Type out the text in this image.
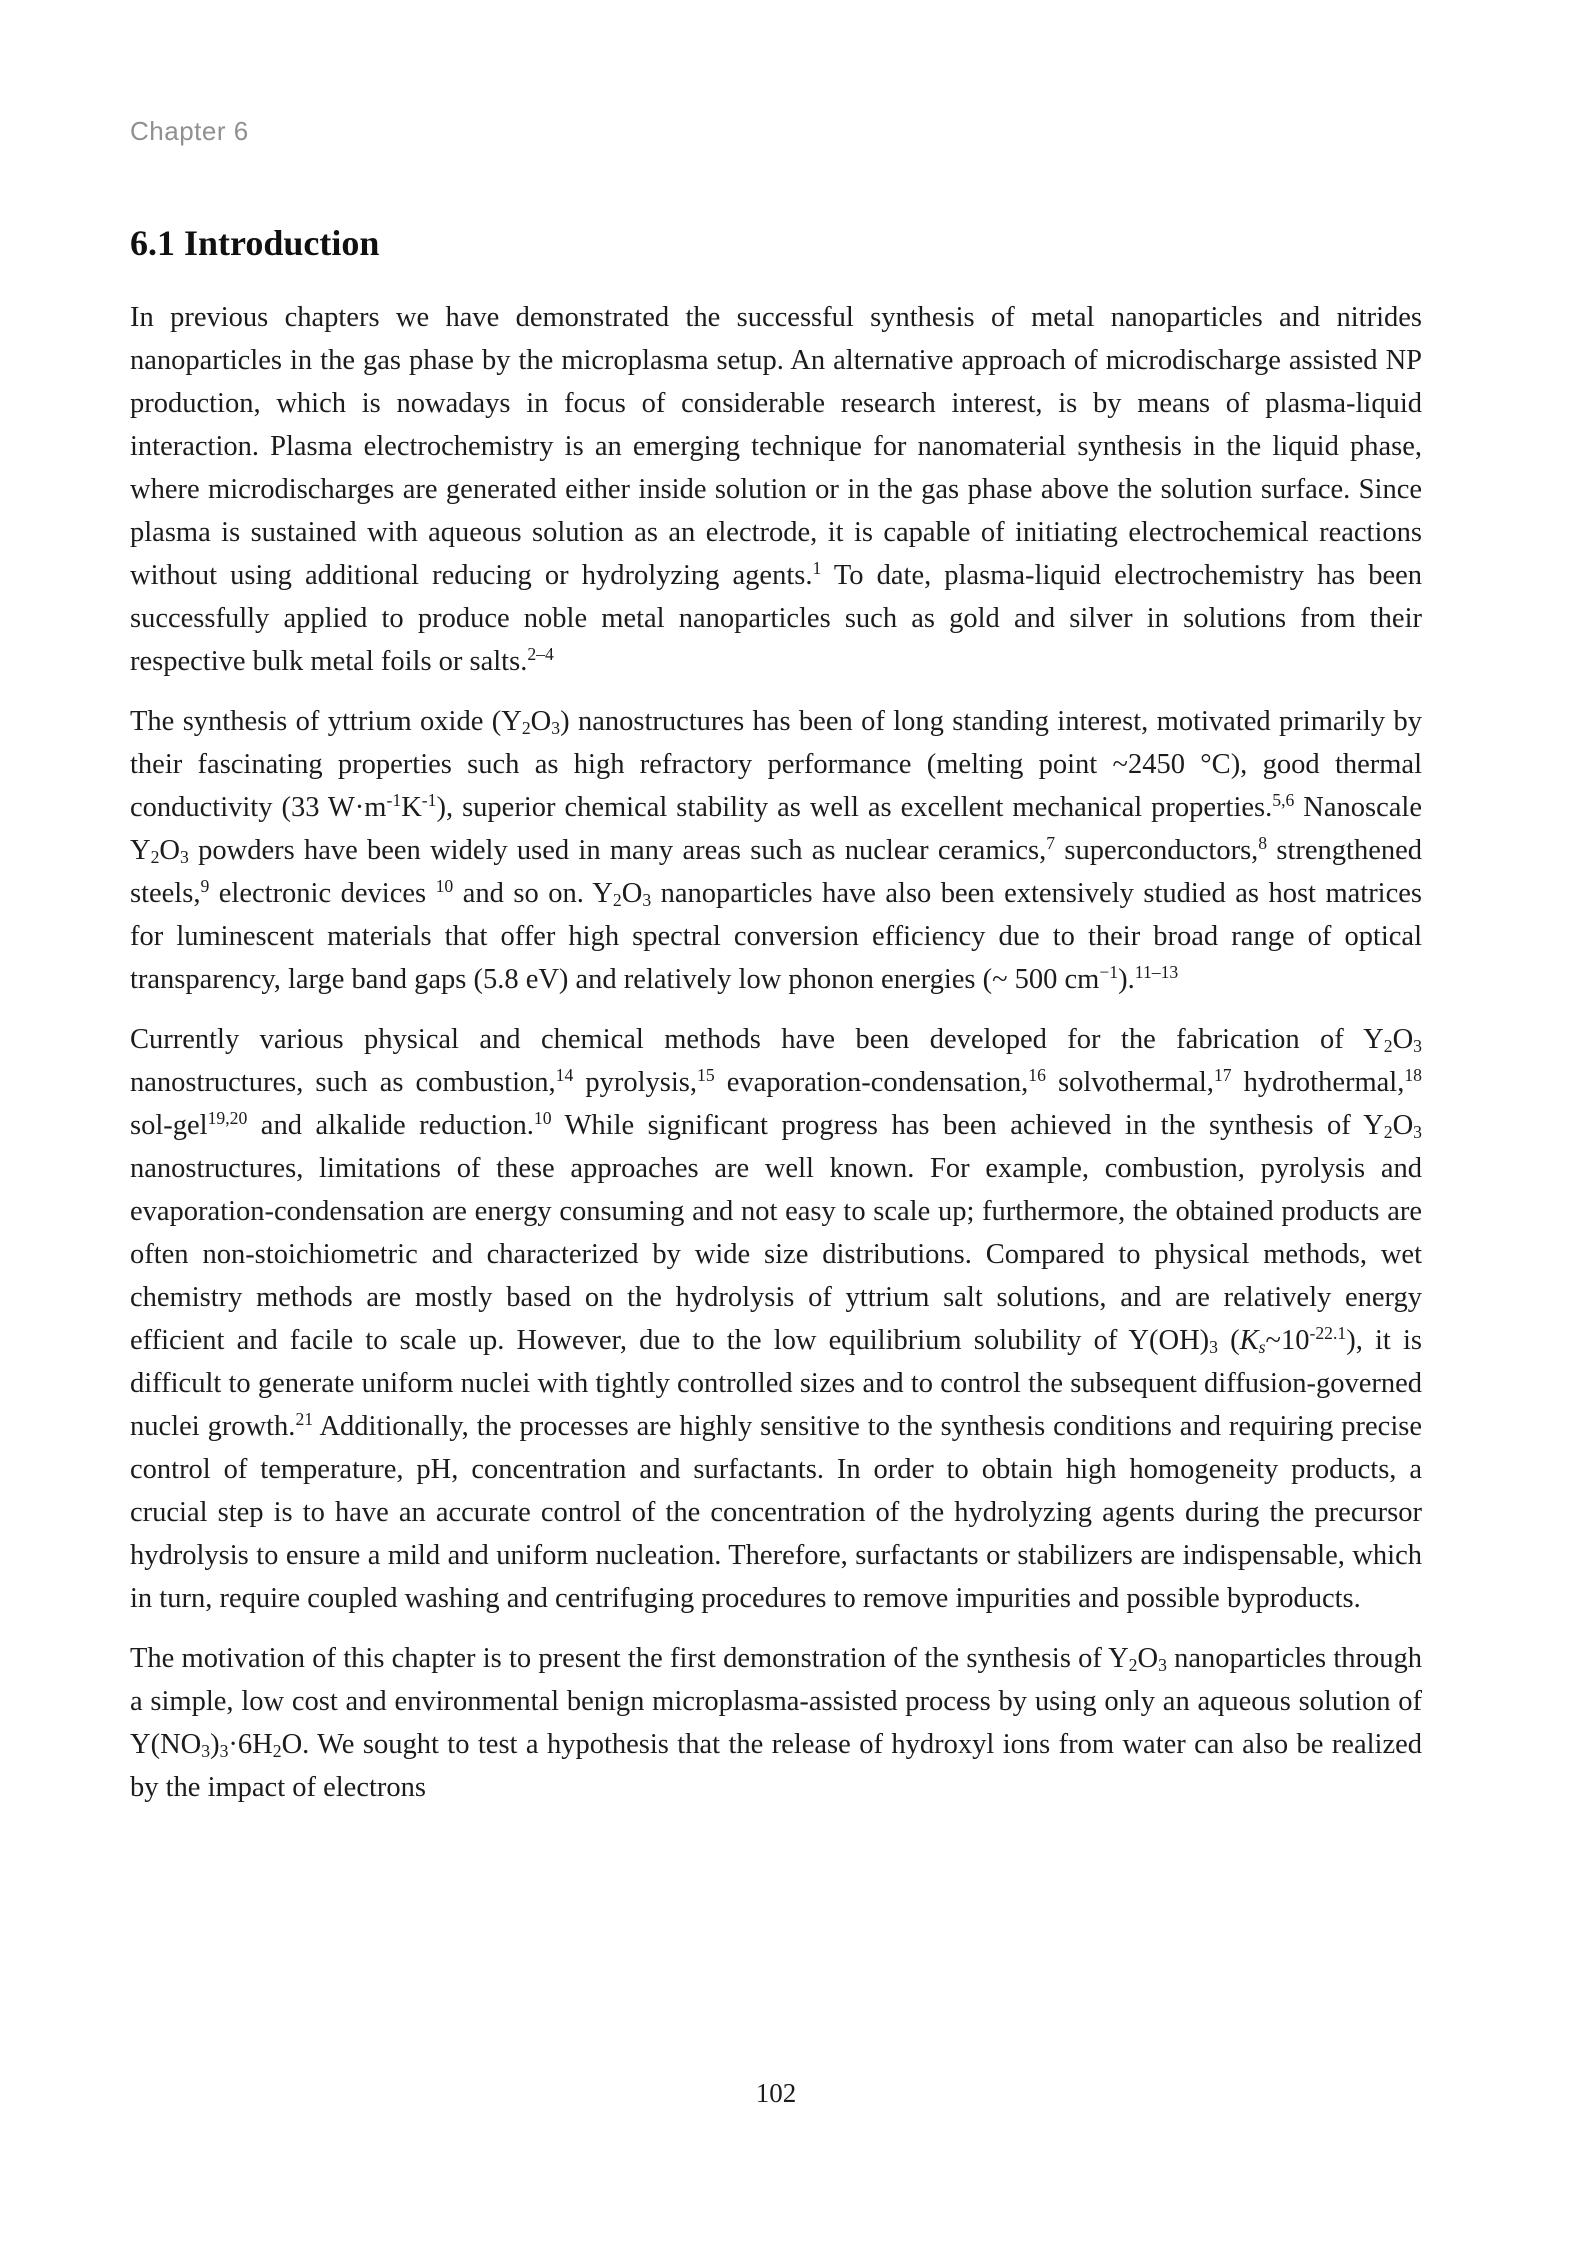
Chapter 6
6.1 Introduction

In previous chapters we have demonstrated the successful synthesis of metal nanoparticles and nitrides nanoparticles in the gas phase by the microplasma setup. An alternative approach of microdischarge assisted NP production, which is nowadays in focus of considerable research interest, is by means of plasma-liquid interaction. Plasma electrochemistry is an emerging technique for nanomaterial synthesis in the liquid phase, where microdischarges are generated either inside solution or in the gas phase above the solution surface. Since plasma is sustained with aqueous solution as an electrode, it is capable of initiating electrochemical reactions without using additional reducing or hydrolyzing agents.$^1$ To date, plasma-liquid electrochemistry has been successfully applied to produce noble metal nanoparticles such as gold and silver in solutions from their respective bulk metal foils or salts.$^{2-4}$

The synthesis of yttrium oxide $(Y_2O_3)$ nanostructures has been of long standing interest, motivated primarily by their fascinating properties such as high refractory performance (melting point ~2450 °C), good thermal conductivity (33 $W\cdot m^{-1}K^{-1}$), superior chemical stability as well as excellent mechanical properties.$^{5,6}$ Nanoscale $Y_2O_3$ powders have been widely used in many areas such as nuclear ceramics,$^7$ superconductors,$^8$ strengthened steels,$^9$ electronic devices $^{10}$ and so on. $Y_2O_3$ nanoparticles have also been extensively studied as host matrices for luminescent materials that offer high spectral conversion efficiency due to their broad range of optical transparency, large band gaps (5.8 eV) and relatively low phonon energies (~ 500 $cm^{-1}).^{11-13}$

Currently various physical and chemical methods have been developed for the fabrication of $Y_2O_3$ nanostructures, such as combustion,$^{14}$ pyrolysis,$^{15}$ evaporation-condensation,$^{16}$ solvothermal,$^{17}$ hydrothermal,$^{18}$ sol-gel$^{19,20}$ and alkalide reduction.$^{10}$ While significant progress has been achieved in the synthesis of $Y_2O_3$ nanostructures, limitations of these approaches are well known. For example, combustion, pyrolysis and evaporation-condensation are energy consuming and not easy to scale up; furthermore, the obtained products are often non-stoichiometric and characterized by wide size distributions. Compared to physical methods, wet chemistry methods are mostly based on the hydrolysis of yttrium salt solutions, and are relatively energy efficient and facile to scale up. However, due to the low equilibrium solubility of $Y(OH)_3$ $(K_s\sim 10^{-22.1})$, it is difficult to generate uniform nuclei with tightly controlled sizes and to control the subsequent diffusion-governed nuclei growth.$^{21}$ Additionally, the processes are highly sensitive to the synthesis conditions and requiring precise control of temperature, pH, concentration and surfactants. In order to obtain high homogeneity products, a crucial step is to have an accurate control of the concentration of the hydrolyzing agents during the precursor hydrolysis to ensure a mild and uniform nucleation. Therefore, surfactants or stabilizers are indispensable, which in turn, require coupled washing and centrifuging procedures to remove impurities and possible byproducts.

The motivation of this chapter is to present the first demonstration of the synthesis of $Y_2O_3$ nanoparticles through a simple, low cost and environmental benign microplasma-assisted process by using only an aqueous solution of $Y(NO_3)_3\cdot 6H_2O$. We sought to test a hypothesis that the release of hydroxyl ions from water can also be realized by the impact of electrons

102
